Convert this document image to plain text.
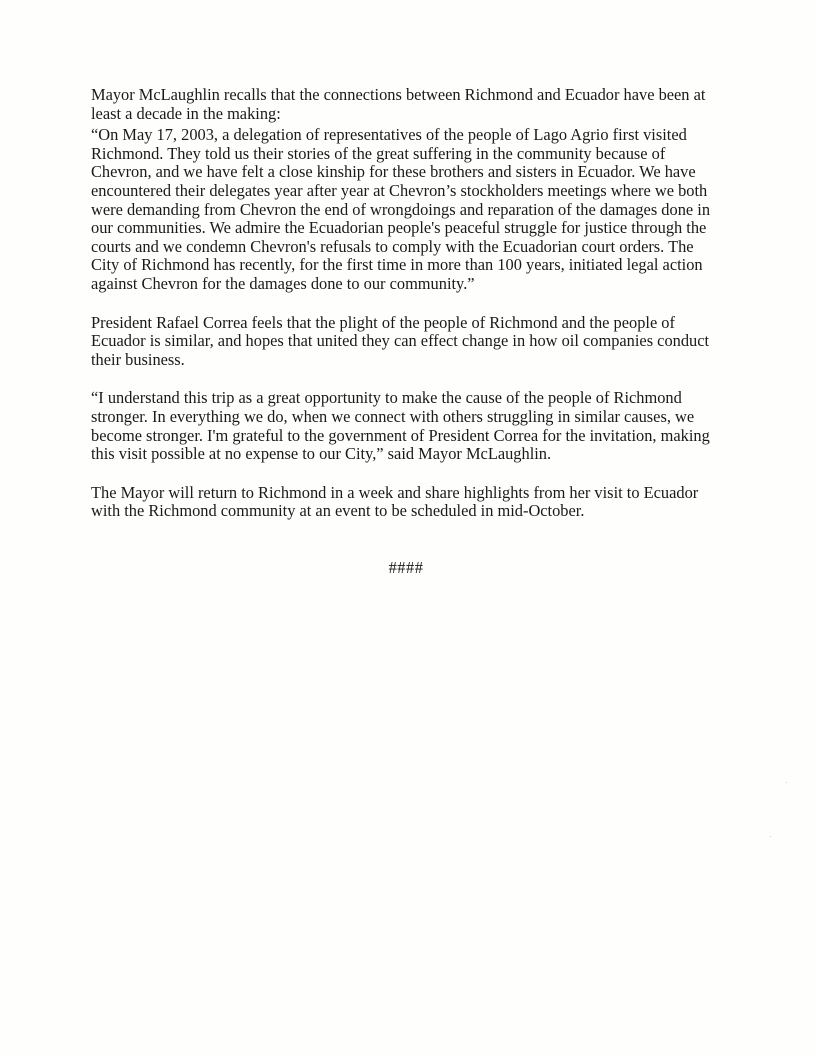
Mayor McLaughlin recalls that the connections between Richmond and Ecuador have been at least a decade in the making:

“On May 17, 2003, a delegation of representatives of the people of Lago Agrio first visited Richmond. They told us their stories of the great suffering in the community because of Chevron, and we have felt a close kinship for these brothers and sisters in Ecuador. We have encountered their delegates year after year at Chevron’s stockholders meetings where we both were demanding from Chevron the end of wrongdoings and reparation of the damages done in our communities. We admire the Ecuadorian people's peaceful struggle for justice through the courts and we condemn Chevron's refusals to comply with the Ecuadorian court orders. The City of Richmond has recently, for the first time in more than 100 years, initiated legal action against Chevron for the damages done to our community.”

President Rafael Correa feels that the plight of the people of Richmond and the people of Ecuador is similar, and hopes that united they can effect change in how oil companies conduct their business.

“I understand this trip as a great opportunity to make the cause of the people of Richmond stronger. In everything we do, when we connect with others struggling in similar causes, we become stronger. I'm grateful to the government of President Correa for the invitation, making this visit possible at no expense to our City,” said Mayor McLaughlin.

The Mayor will return to Richmond in a week and share highlights from her visit to Ecuador with the Richmond community at an event to be scheduled in mid-October.

####
